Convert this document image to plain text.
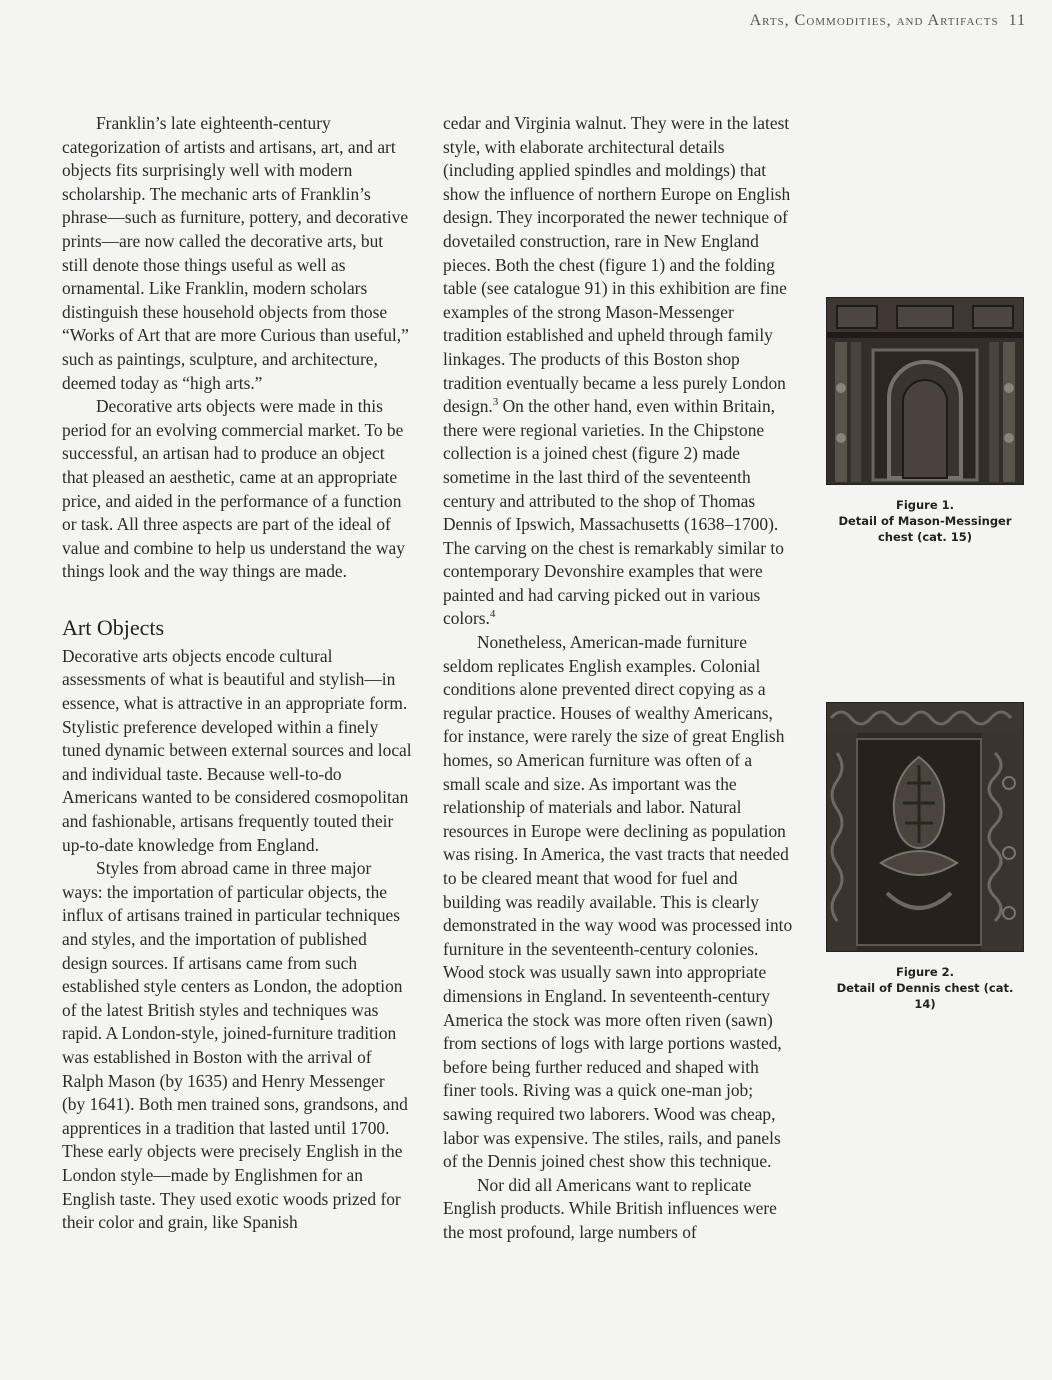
Arts, Commodities, and Artifacts 11

Franklin’s late eighteenth-century categorization of artists and artisans, art, and art objects fits surprisingly well with modern scholarship. The mechanic arts of Franklin’s phrase—such as furniture, pottery, and decorative prints—are now called the decorative arts, but still denote those things useful as well as ornamental. Like Franklin, modern scholars distinguish these household objects from those “Works of Art that are more Curious than useful,” such as paintings, sculpture, and architecture, deemed today as “high arts.”

Decorative arts objects were made in this period for an evolving commercial market. To be successful, an artisan had to produce an object that pleased an aesthetic, came at an appropriate price, and aided in the performance of a function or task. All three aspects are part of the ideal of value and combine to help us understand the way things look and the way things are made.

Art Objects

Decorative arts objects encode cultural assessments of what is beautiful and stylish—in essence, what is attractive in an appropriate form. Stylistic preference developed within a finely tuned dynamic between external sources and local and individual taste. Because well-to-do Americans wanted to be considered cosmopolitan and fashionable, artisans frequently touted their up-to-date knowledge from England.

Styles from abroad came in three major ways: the importation of particular objects, the influx of artisans trained in particular techniques and styles, and the importation of published design sources. If artisans came from such established style centers as London, the adoption of the latest British styles and techniques was rapid. A London-style, joined-furniture tradition was established in Boston with the arrival of Ralph Mason (by 1635) and Henry Messenger (by 1641). Both men trained sons, grandsons, and apprentices in a tradition that lasted until 1700. These early objects were precisely English in the London style—made by Englishmen for an English taste. They used exotic woods prized for their color and grain, like Spanish

cedar and Virginia walnut. They were in the latest style, with elaborate architectural details (including applied spindles and moldings) that show the influence of northern Europe on English design. They incorporated the newer technique of dovetailed construction, rare in New England pieces. Both the chest (figure 1) and the folding table (see catalogue 91) in this exhibition are fine examples of the strong Mason-Messenger tradition established and upheld through family linkages. The products of this Boston shop tradition eventually became a less purely London design.$^3$ On the other hand, even within Britain, there were regional varieties. In the Chipstone collection is a joined chest (figure 2) made sometime in the last third of the seventeenth century and attributed to the shop of Thomas Dennis of Ipswich, Massachusetts (1638–1700). The carving on the chest is remarkably similar to contemporary Devonshire examples that were painted and had carving picked out in various colors.$^4$

Nonetheless, American-made furniture seldom replicates English examples. Colonial conditions alone prevented direct copying as a regular practice. Houses of wealthy Americans, for instance, were rarely the size of great English homes, so American furniture was often of a small scale and size. As important was the relationship of materials and labor. Natural resources in Europe were declining as population was rising. In America, the vast tracts that needed to be cleared meant that wood for fuel and building was readily available. This is clearly demonstrated in the way wood was processed into furniture in the seventeenth-century colonies. Wood stock was usually sawn into appropriate dimensions in England. In seventeenth-century America the stock was more often riven (sawn) from sections of logs with large portions wasted, before being further reduced and shaped with finer tools. Riving was a quick one-man job; sawing required two laborers. Wood was cheap, labor was expensive. The stiles, rails, and panels of the Dennis joined chest show this technique.

Nor did all Americans want to replicate English products. While British influences were the most profound, large numbers of

Figure 1.
Detail of Mason-Messinger
chest (cat. 15)
Figure 2.
Detail of Dennis chest (cat. 14)
